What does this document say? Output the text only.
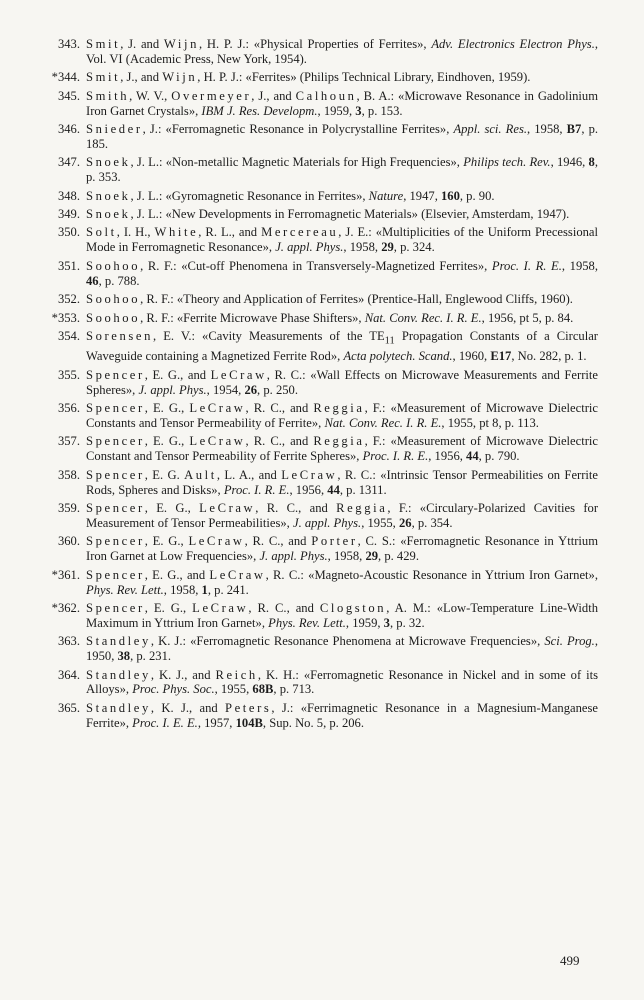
343. Smit, J. and Wijn, H. P. J.: «Physical Properties of Ferrites», Adv. Electronics Electron Phys., Vol. VI (Academic Press, New York, 1954).
*344. Smit, J., and Wijn, H. P. J.: «Ferrites» (Philips Technical Library, Eindhoven, 1959).
345. Smith, W. V., Overmeyer, J., and Calhoun, B. A.: «Microwave Resonance in Gadolinium Iron Garnet Crystals», IBM J. Res. Developm., 1959, 3, p. 153.
346. Snieder, J.: «Ferromagnetic Resonance in Polycrystalline Ferrites», Appl. sci. Res., 1958, B7, p. 185.
347. Snoek, J. L.: «Non-metallic Magnetic Materials for High Frequencies», Philips tech. Rev., 1946, 8, p. 353.
348. Snoek, J. L.: «Gyromagnetic Resonance in Ferrites», Nature, 1947, 160, p. 90.
349. Snoek, J. L.: «New Developments in Ferromagnetic Materials» (Elsevier, Amsterdam, 1947).
350. Solt, I. H., White, R. L., and Mercereau, J. E.: «Multiplicities of the Uniform Precessional Mode in Ferromagnetic Resonance», J. appl. Phys., 1958, 29, p. 324.
351. Soohoo, R. F.: «Cut-off Phenomena in Transversely-Magnetized Ferrites», Proc. I. R. E., 1958, 46, p. 788.
352. Soohoo, R. F.: «Theory and Application of Ferrites» (Prentice-Hall, Englewood Cliffs, 1960).
*353. Soohoo, R. F.: «Ferrite Microwave Phase Shifters», Nat. Conv. Rec. I. R. E., 1956, pt 5, p. 84.
354. Sorensen, E. V.: «Cavity Measurements of the $TE_{11}$ Propagation Constants of a Circular Waveguide containing a Magnetized Ferrite Rod», Acta polytech. Scand., 1960, E17, No. 282, p. 1.
355. Spencer, E. G., and LeCraw, R. C.: «Wall Effects on Microwave Measurements and Ferrite Spheres», J. appl. Phys., 1954, 26, p. 250.
356. Spencer, E. G., LeCraw, R. C., and Reggia, F.: «Measurement of Microwave Dielectric Constants and Tensor Permeability of Ferrite», Nat. Conv. Rec. I. R. E., 1955, pt 8, p. 113.
357. Spencer, E. G., LeCraw, R. C., and Reggia, F.: «Measurement of Microwave Dielectric Constant and Tensor Permeability of Ferrite Spheres», Proc. I. R. E., 1956, 44, p. 790.
358. Spencer, E. G. Ault, L. A., and LeCraw, R. C.: «Intrinsic Tensor Permeabilities on Ferrite Rods, Spheres and Disks», Proc. I. R. E., 1956, 44, p. 1311.
359. Spencer, E. G., LeCraw, R. C., and Reggia, F.: «Circulary-Polarized Cavities for Measurement of Tensor Permeabilities», J. appl. Phys., 1955, 26, p. 354.
360. Spencer, E. G., LeCraw, R. C., and Porter, C. S.: «Ferromagnetic Resonance in Yttrium Iron Garnet at Low Frequencies», J. appl. Phys., 1958, 29, p. 429.
*361. Spencer, E. G., and LeCraw, R. C.: «Magneto-Acoustic Resonance in Yttrium Iron Garnet», Phys. Rev. Lett., 1958, 1, p. 241.
*362. Spencer, E. G., LeCraw, R. C., and Clogston, A. M.: «Low-Temperature Line-Width Maximum in Yttrium Iron Garnet», Phys. Rev. Lett., 1959, 3, p. 32.
363. Standley, K. J.: «Ferromagnetic Resonance Phenomena at Microwave Frequencies», Sci. Prog., 1950, 38, p. 231.
364. Standley, K. J., and Reich, K. H.: «Ferromagnetic Resonance in Nickel and in some of its Alloys», Proc. Phys. Soc., 1955, 68B, p. 713.
365. Standley, K. J., and Peters, J.: «Ferrimagnetic Resonance in a Magnesium-Manganese Ferrite», Proc. I. E. E., 1957, 104B, Sup. No. 5, p. 206.
499
